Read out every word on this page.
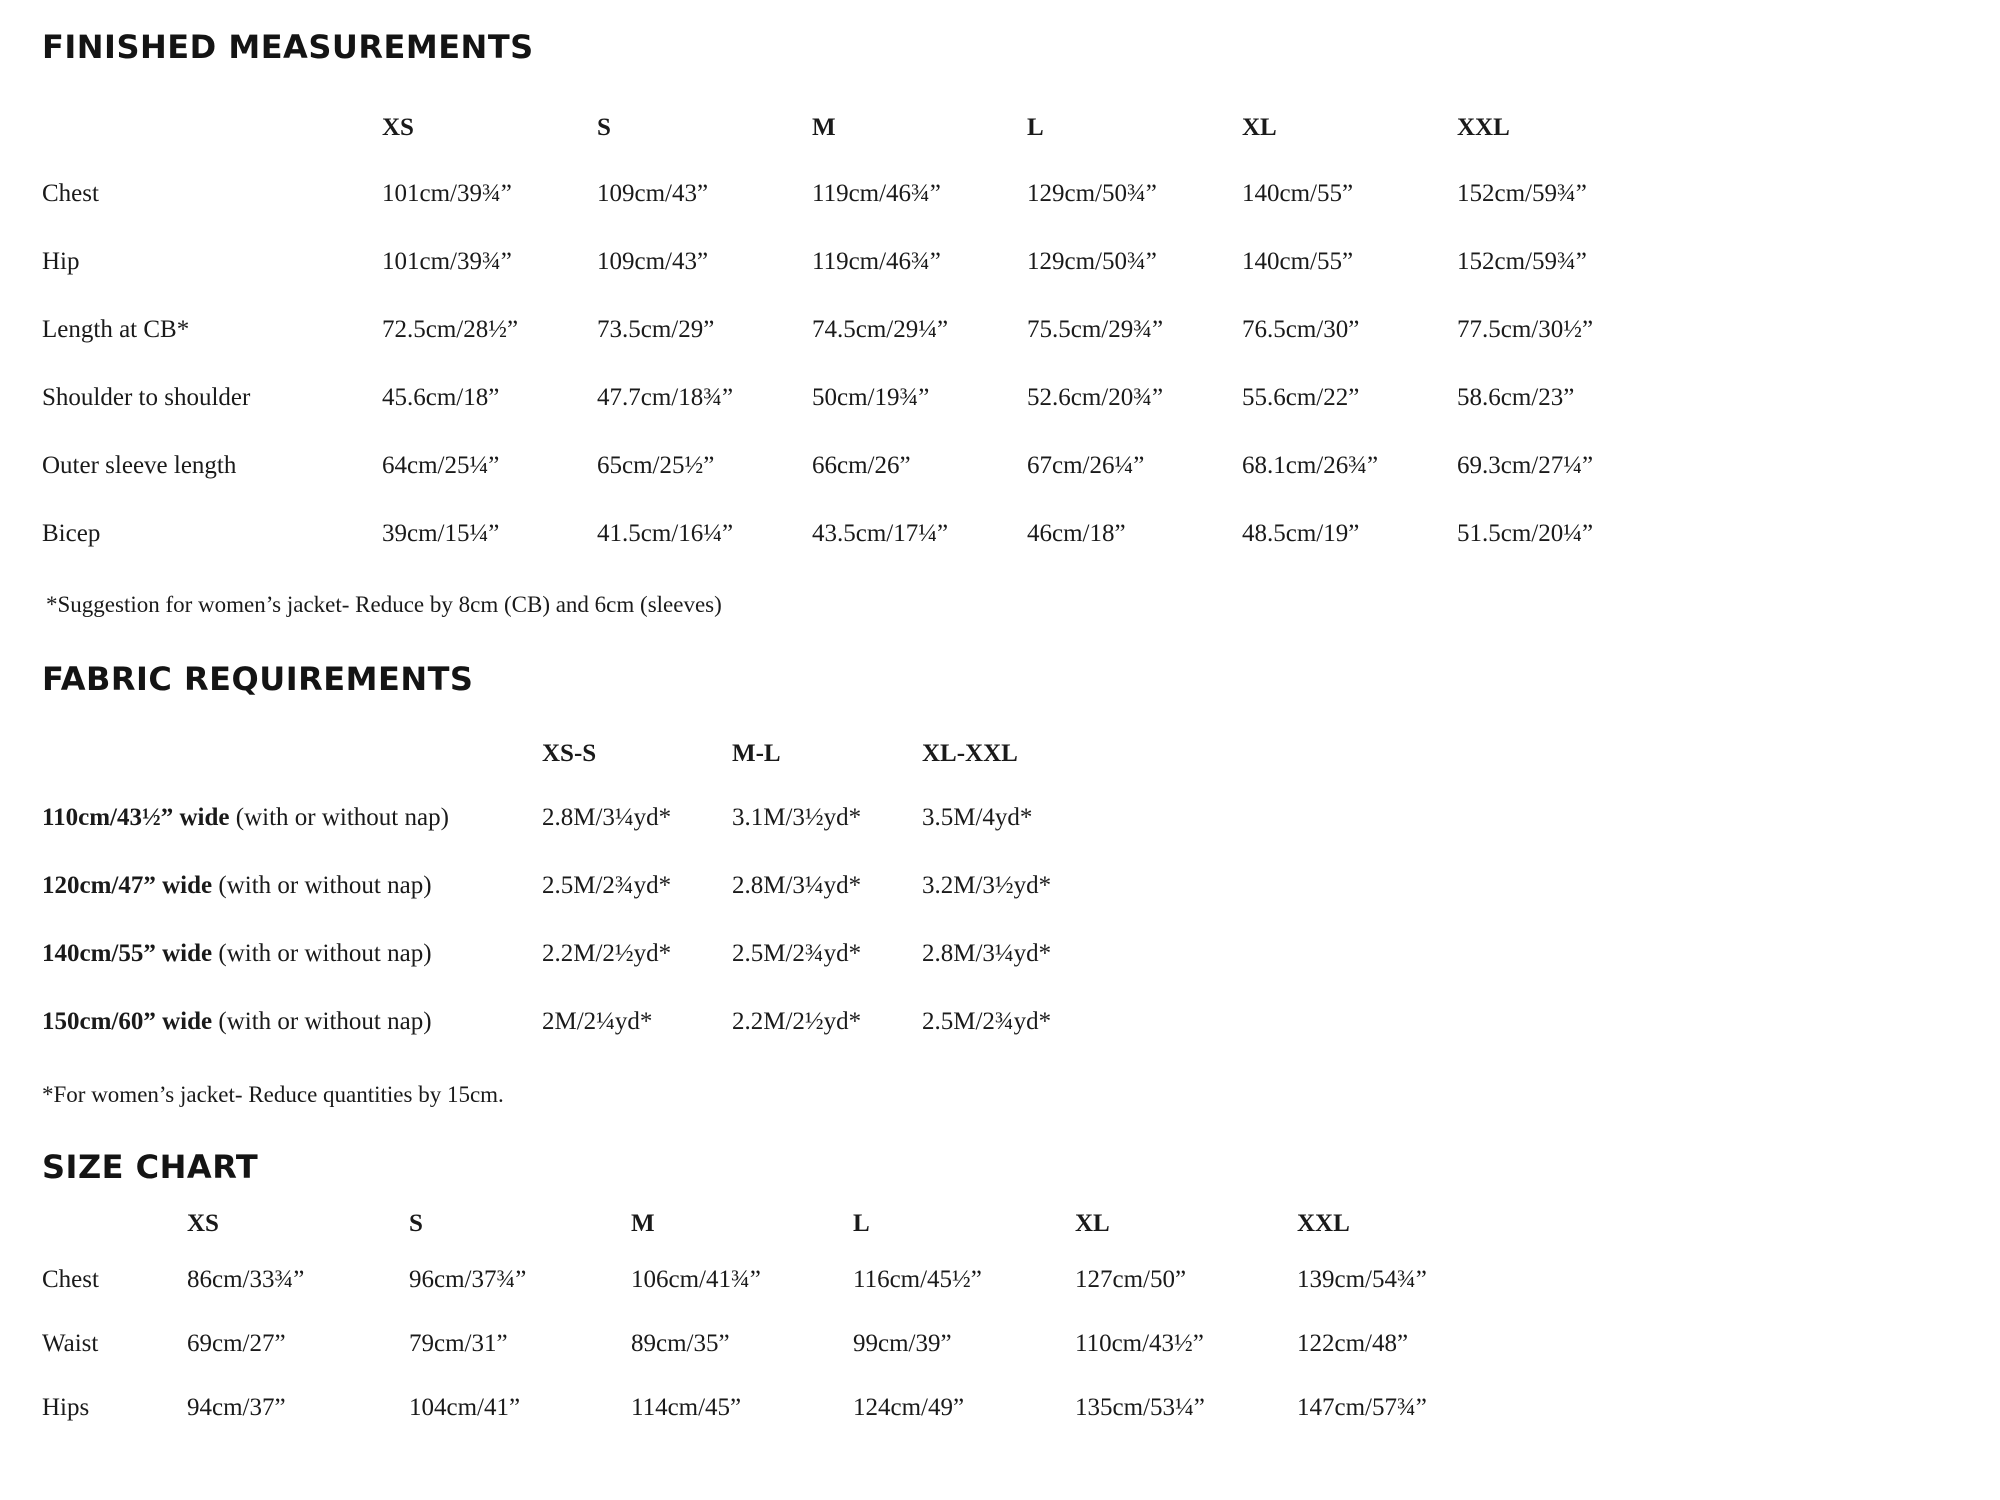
FINISHED MEASUREMENTS
	XS	S	M	L	XL	XXL
Chest	101cm/39¾”	109cm/43”	119cm/46¾”	129cm/50¾”	140cm/55”	152cm/59¾”
Hip	101cm/39¾”	109cm/43”	119cm/46¾”	129cm/50¾”	140cm/55”	152cm/59¾”
Length at CB*	72.5cm/28½”	73.5cm/29”	74.5cm/29¼”	75.5cm/29¾”	76.5cm/30”	77.5cm/30½”
Shoulder to shoulder	45.6cm/18”	47.7cm/18¾”	50cm/19¾”	52.6cm/20¾”	55.6cm/22”	58.6cm/23”
Outer sleeve length	64cm/25¼”	65cm/25½”	66cm/26”	67cm/26¼”	68.1cm/26¾”	69.3cm/27¼”
Bicep	39cm/15¼”	41.5cm/16¼”	43.5cm/17¼”	46cm/18”	48.5cm/19”	51.5cm/20¼”
*Suggestion for women’s jacket- Reduce by 8cm (CB) and 6cm (sleeves)
FABRIC REQUIREMENTS
	XS-S	M-L	XL-XXL
110cm/43½” wide (with or without nap)	2.8M/3¼yd*	3.1M/3½yd*	3.5M/4yd*
120cm/47” wide (with or without nap)	2.5M/2¾yd*	2.8M/3¼yd*	3.2M/3½yd*
140cm/55” wide (with or without nap)	2.2M/2½yd*	2.5M/2¾yd*	2.8M/3¼yd*
150cm/60” wide (with or without nap)	2M/2¼yd*	2.2M/2½yd*	2.5M/2¾yd*
*For women’s jacket- Reduce quantities by 15cm.
SIZE CHART
	XS	S	M	L	XL	XXL
Chest	86cm/33¾”	96cm/37¾”	106cm/41¾”	116cm/45½”	127cm/50”	139cm/54¾”
Waist	69cm/27”	79cm/31”	89cm/35”	99cm/39”	110cm/43½”	122cm/48”
Hips	94cm/37”	104cm/41”	114cm/45”	124cm/49”	135cm/53¼”	147cm/57¾”
